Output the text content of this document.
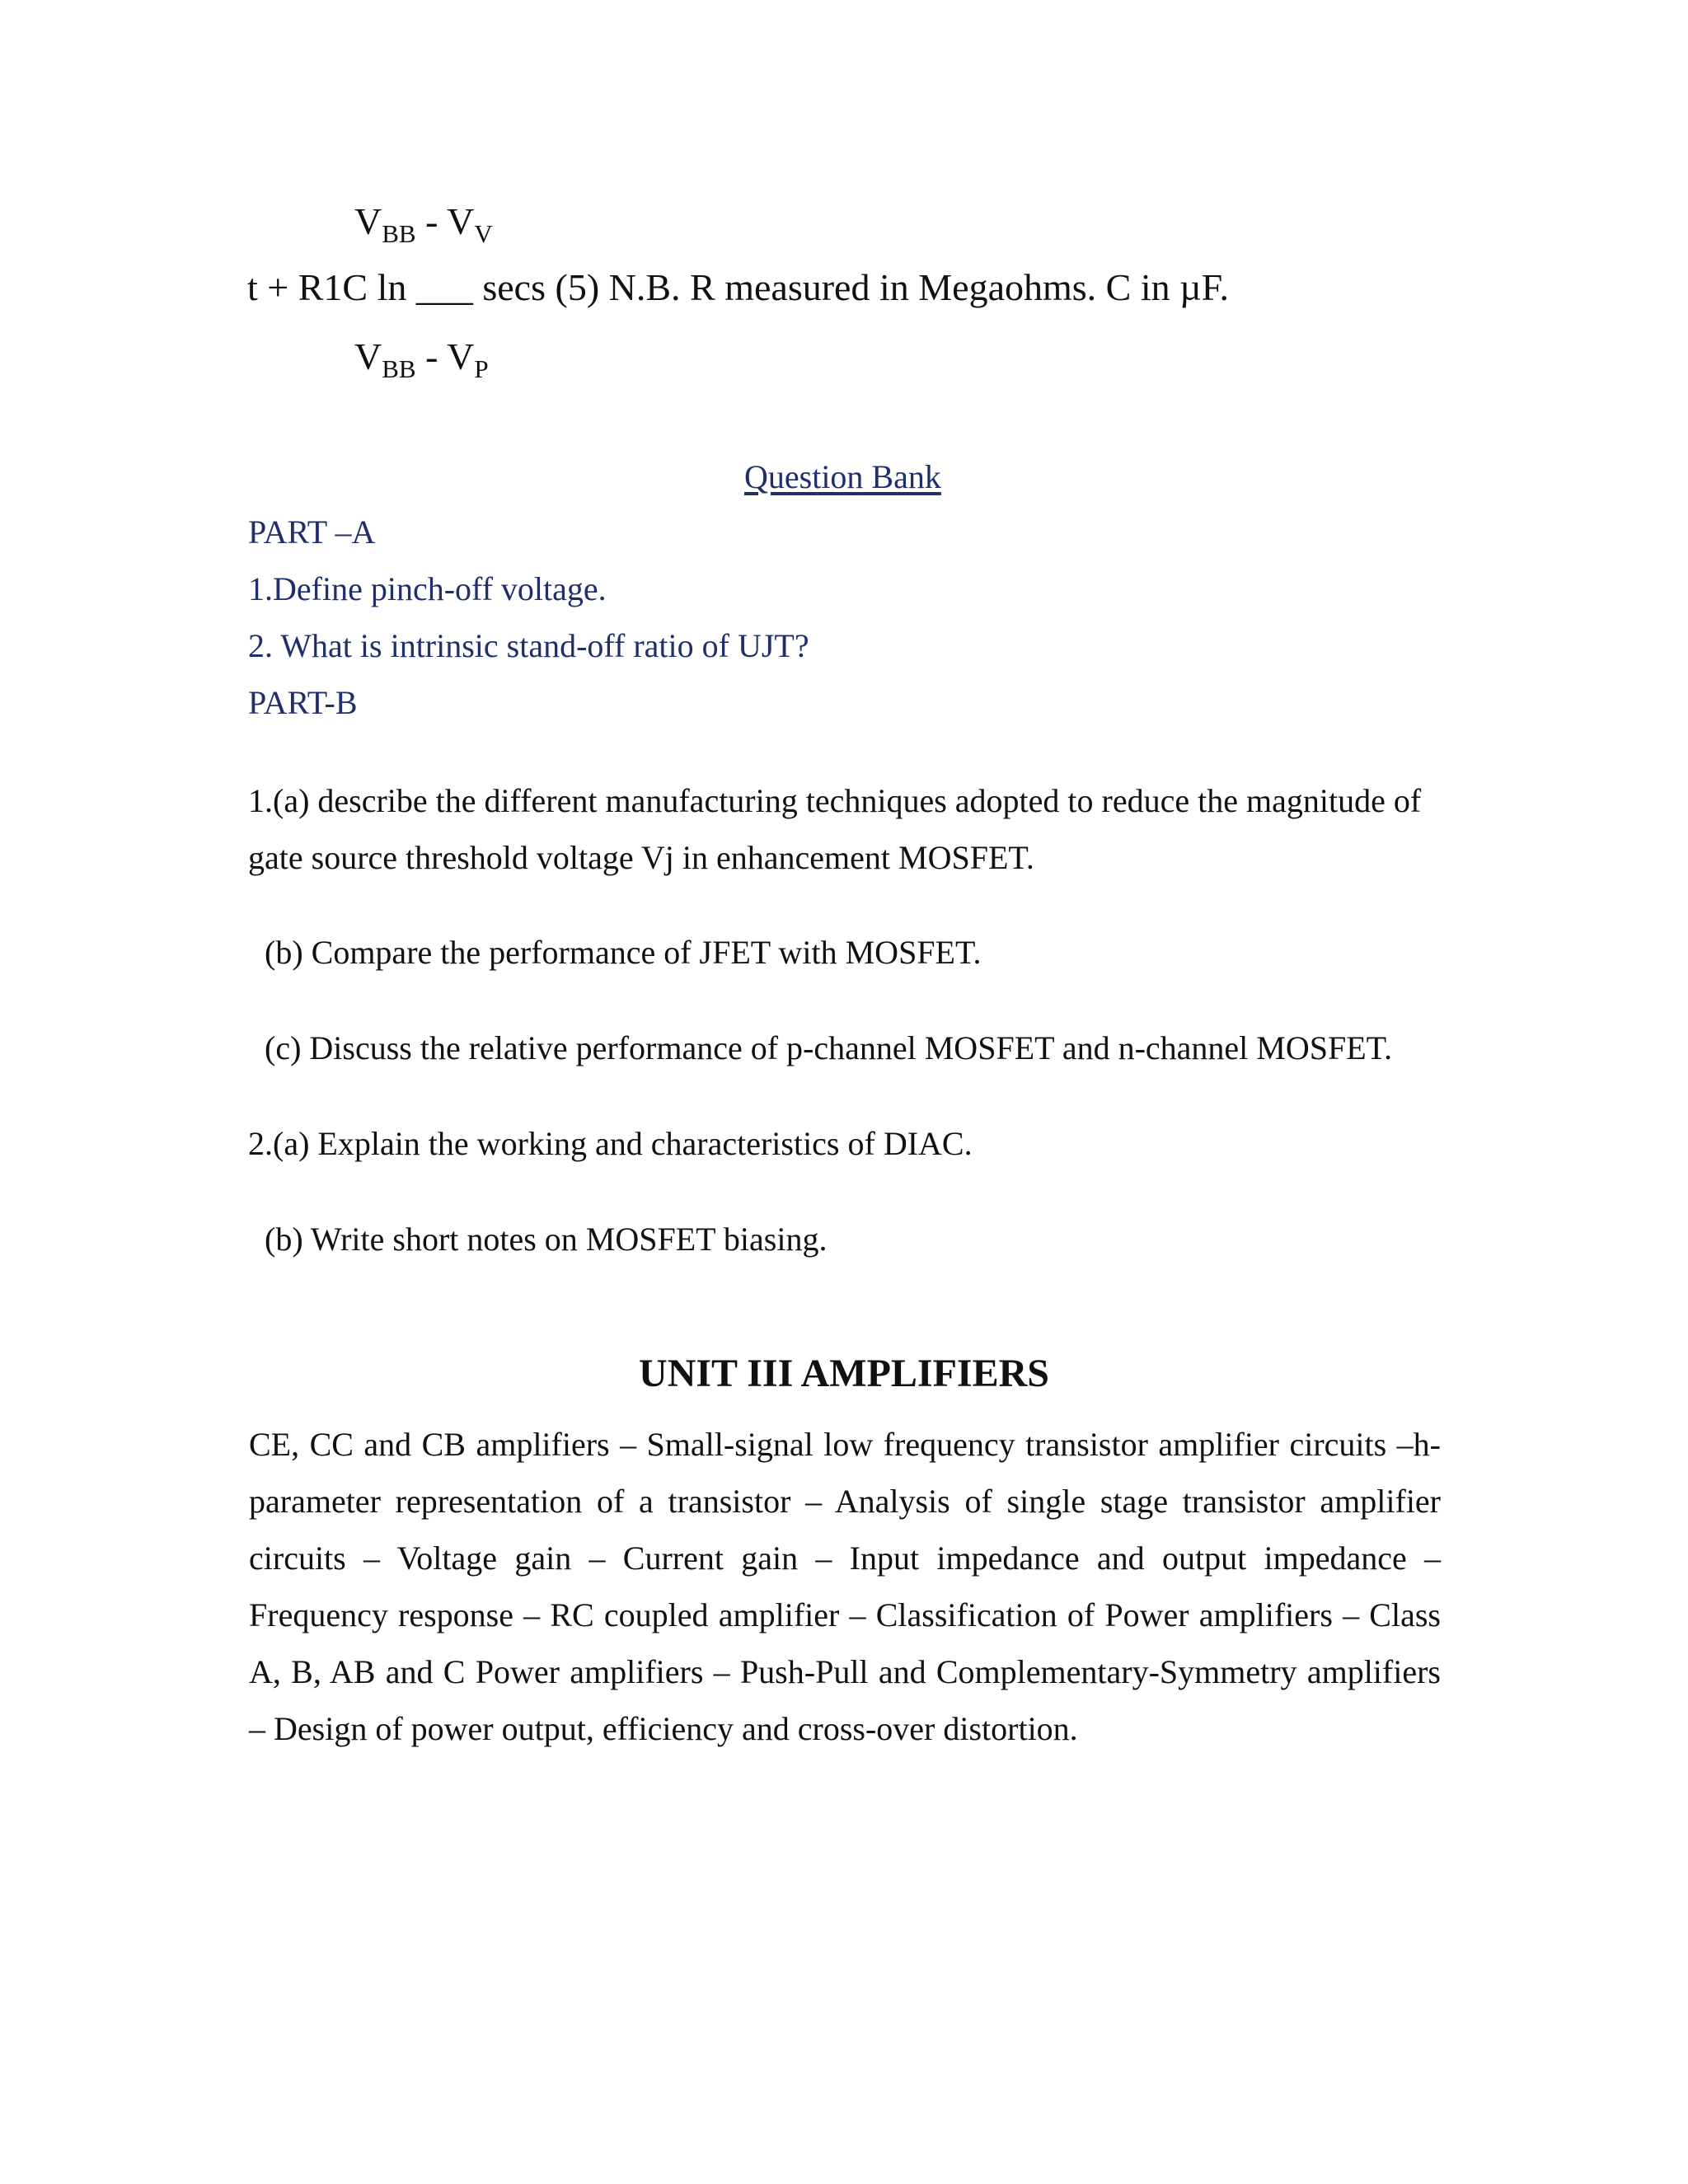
$V_{BB} - V_V$
t + R1C ln ___ secs (5) N.B. R measured in Megaohms. C in µF.
$V_{BB} - V_P$
Question Bank
PART –A
1.Define pinch-off voltage.
2. What is intrinsic stand-off ratio of UJT?
PART-B
1.(a) describe the different manufacturing techniques adopted to reduce the magnitude of
gate source threshold voltage Vj in enhancement MOSFET.
(b) Compare the performance of JFET with MOSFET.
(c) Discuss the relative performance of p-channel MOSFET and n-channel MOSFET.
2.(a) Explain the working and characteristics of DIAC.
(b) Write short notes on MOSFET biasing.
UNIT III AMPLIFIERS

CE, CC and CB amplifiers – Small-signal low frequency transistor amplifier circuits –h-parameter representation of a transistor – Analysis of single stage transistor amplifier circuits – Voltage gain – Current gain – Input impedance and output impedance – Frequency response – RC coupled amplifier – Classification of Power amplifiers – Class A, B, AB and C Power amplifiers – Push-Pull and Complementary-Symmetry amplifiers – Design of power output, efficiency and cross-over distortion.
